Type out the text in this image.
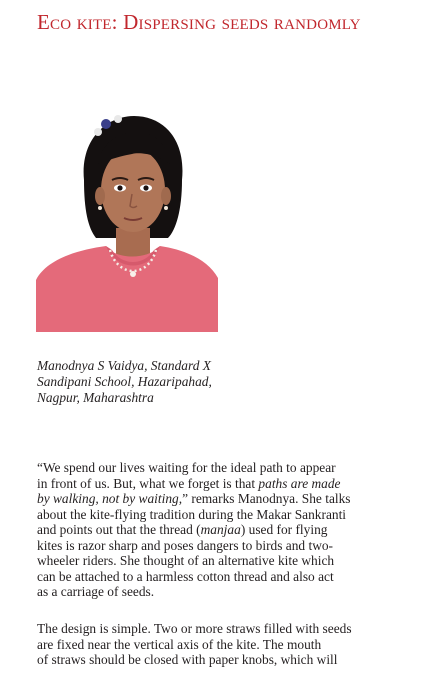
Eco kite: Dispersing seeds randomly

Manodnya S Vaidya, Standard X
Sandipani School, Hazaripahad,
Nagpur, Maharashtra

“We spend our lives waiting for the ideal path to appear
in front of us. But, what we forget is that paths are made
by walking, not by waiting,” remarks Manodnya. She talks
about the kite-flying tradition during the Makar Sankranti
and points out that the thread (manjaa) used for flying
kites is razor sharp and poses dangers to birds and two-
wheeler riders. She thought of an alternative kite which
can be attached to a harmless cotton thread and also act
as a carriage of seeds.

The design is simple. Two or more straws filled with seeds
are fixed near the vertical axis of the kite. The mouth
of straws should be closed with paper knobs, which will
